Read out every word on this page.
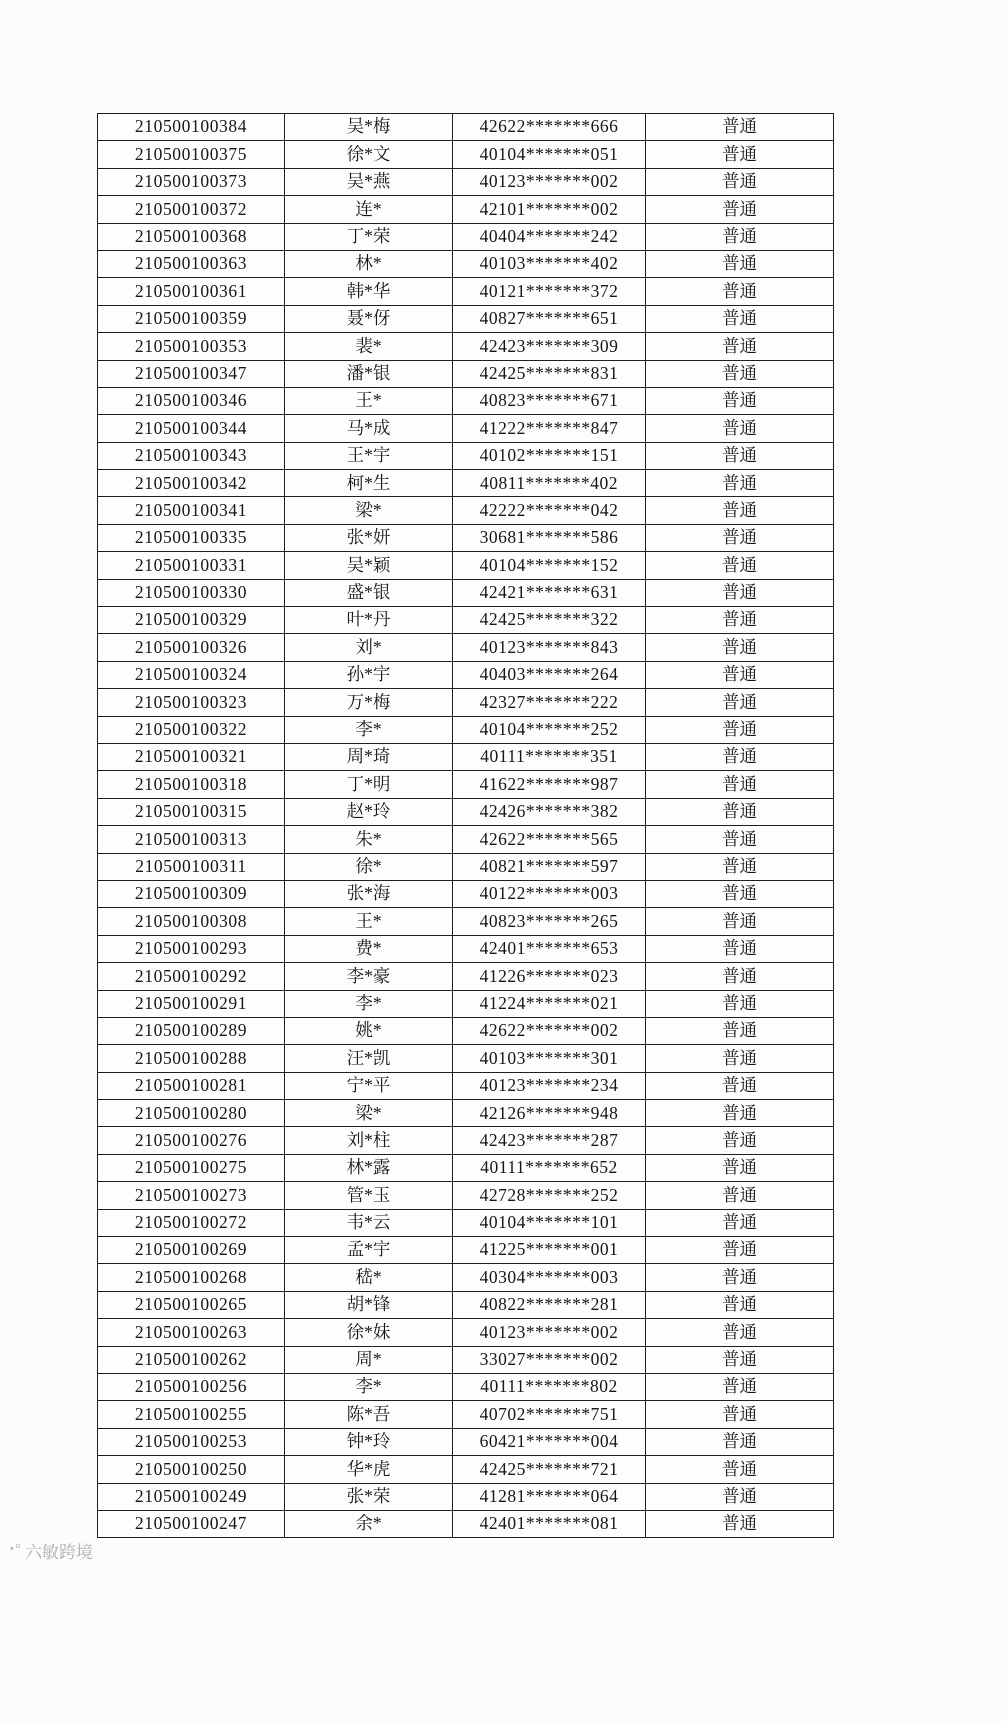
210500100384	吴*梅	42622*******666	普通
210500100375	徐*文	40104*******051	普通
210500100373	吴*燕	40123*******002	普通
210500100372	连*	42101*******002	普通
210500100368	丁*荣	40404*******242	普通
210500100363	林*	40103*******402	普通
210500100361	韩*华	40121*******372	普通
210500100359	聂*伢	40827*******651	普通
210500100353	裴*	42423*******309	普通
210500100347	潘*银	42425*******831	普通
210500100346	王*	40823*******671	普通
210500100344	马*成	41222*******847	普通
210500100343	王*宇	40102*******151	普通
210500100342	柯*生	40811*******402	普通
210500100341	梁*	42222*******042	普通
210500100335	张*妍	30681*******586	普通
210500100331	吴*颖	40104*******152	普通
210500100330	盛*银	42421*******631	普通
210500100329	叶*丹	42425*******322	普通
210500100326	刘*	40123*******843	普通
210500100324	孙*宇	40403*******264	普通
210500100323	万*梅	42327*******222	普通
210500100322	李*	40104*******252	普通
210500100321	周*琦	40111*******351	普通
210500100318	丁*明	41622*******987	普通
210500100315	赵*玲	42426*******382	普通
210500100313	朱*	42622*******565	普通
210500100311	徐*	40821*******597	普通
210500100309	张*海	40122*******003	普通
210500100308	王*	40823*******265	普通
210500100293	费*	42401*******653	普通
210500100292	李*豪	41226*******023	普通
210500100291	李*	41224*******021	普通
210500100289	姚*	42622*******002	普通
210500100288	汪*凯	40103*******301	普通
210500100281	宁*平	40123*******234	普通
210500100280	梁*	42126*******948	普通
210500100276	刘*柱	42423*******287	普通
210500100275	林*露	40111*******652	普通
210500100273	管*玉	42728*******252	普通
210500100272	韦*云	40104*******101	普通
210500100269	孟*宇	41225*******001	普通
210500100268	嵇*	40304*******003	普通
210500100265	胡*锋	40822*******281	普通
210500100263	徐*妹	40123*******002	普通
210500100262	周*	33027*******002	普通
210500100256	李*	40111*******802	普通
210500100255	陈*吾	40702*******751	普通
210500100253	钟*玲	60421*******004	普通
210500100250	华*虎	42425*******721	普通
210500100249	张*荣	41281*******064	普通
210500100247	余*	42401*******081	普通
◔° 六敏跨境
